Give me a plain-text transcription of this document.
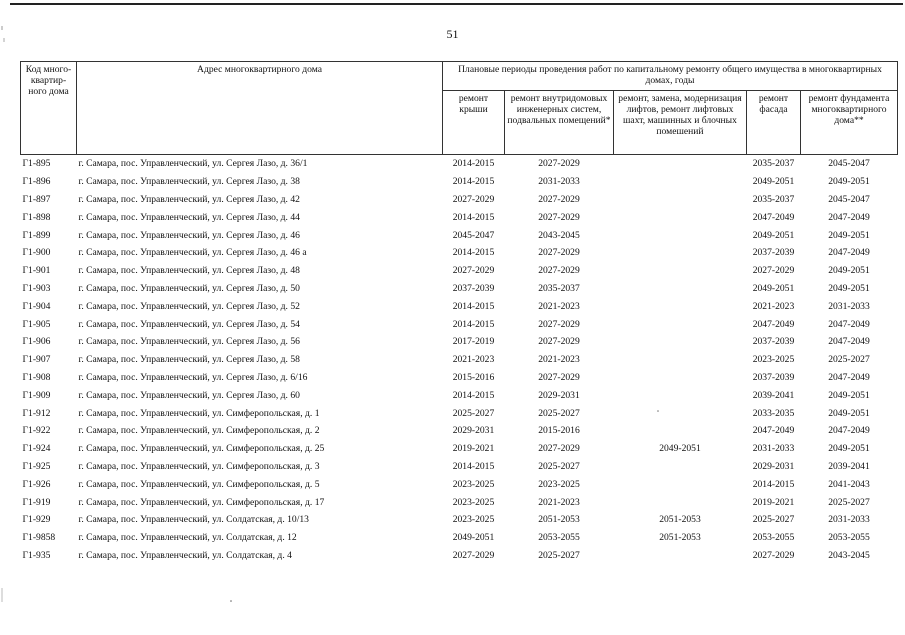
51
Код много-квартир-ного дома	Адрес многоквартирного дома	Плановые периоды проведения работ по капитальному ремонту общего имущества в многоквартирных домах, годы				
		ремонт крыши	ремонт внутридомовых инженерных систем, подвальных помещений*	ремонт, замена, модернизация лифтов, ремонт лифтовых шахт, машинных и блочных помешений	ремонт фасада	ремонт фундамента многоквартирного дома**
Г1-895	г. Самара, пос. Управленческий, ул. Сергея Лазо, д. 36/1	2014-2015	2027-2029		2035-2037	2045-2047
Г1-896	г. Самара, пос. Управленческий, ул. Сергея Лазо, д. 38	2014-2015	2031-2033		2049-2051	2049-2051
Г1-897	г. Самара, пос. Управленческий, ул. Сергея Лазо, д. 42	2027-2029	2027-2029		2035-2037	2045-2047
Г1-898	г. Самара, пос. Управленческий, ул. Сергея Лазо, д. 44	2014-2015	2027-2029		2047-2049	2047-2049
Г1-899	г. Самара, пос. Управленческий, ул. Сергея Лазо, д. 46	2045-2047	2043-2045		2049-2051	2049-2051
Г1-900	г. Самара, пос. Управленческий, ул. Сергея Лазо, д. 46 а	2014-2015	2027-2029		2037-2039	2047-2049
Г1-901	г. Самара, пос. Управленческий, ул. Сергея Лазо, д. 48	2027-2029	2027-2029		2027-2029	2049-2051
Г1-903	г. Самара, пос. Управленческий, ул. Сергея Лазо, д. 50	2037-2039	2035-2037		2049-2051	2049-2051
Г1-904	г. Самара, пос. Управленческий, ул. Сергея Лазо, д. 52	2014-2015	2021-2023		2021-2023	2031-2033
Г1-905	г. Самара, пос. Управленческий, ул. Сергея Лазо, д. 54	2014-2015	2027-2029		2047-2049	2047-2049
Г1-906	г. Самара, пос. Управленческий, ул. Сергея Лазо, д. 56	2017-2019	2027-2029		2037-2039	2047-2049
Г1-907	г. Самара, пос. Управленческий, ул. Сергея Лазо, д. 58	2021-2023	2021-2023		2023-2025	2025-2027
Г1-908	г. Самара, пос. Управленческий, ул. Сергея Лазо, д. 6/16	2015-2016	2027-2029		2037-2039	2047-2049
Г1-909	г. Самара, пос. Управленческий, ул. Сергея Лазо, д. 60	2014-2015	2029-2031		2039-2041	2049-2051
Г1-912	г. Самара, пос. Управленческий, ул. Симферопольская, д. 1	2025-2027	2025-2027		2033-2035	2049-2051
Г1-922	г. Самара, пос. Управленческий, ул. Симферопольская, д. 2	2029-2031	2015-2016		2047-2049	2047-2049
Г1-924	г. Самара, пос. Управленческий, ул. Симферопольская, д. 25	2019-2021	2027-2029	2049-2051	2031-2033	2049-2051
Г1-925	г. Самара, пос. Управленческий, ул. Симферопольская, д. 3	2014-2015	2025-2027		2029-2031	2039-2041
Г1-926	г. Самара, пос. Управленческий, ул. Симферопольская, д. 5	2023-2025	2023-2025		2014-2015	2041-2043
Г1-919	г. Самара, пос. Управленческий, ул. Симферопольская, д. 17	2023-2025	2021-2023		2019-2021	2025-2027
Г1-929	г. Самара, пос. Управленческий, ул. Солдатская, д. 10/13	2023-2025	2051-2053	2051-2053	2025-2027	2031-2033
Г1-9858	г. Самара, пос. Управленческий, ул. Солдатская, д. 12	2049-2051	2053-2055	2051-2053	2053-2055	2053-2055
Г1-935	г. Самара, пос. Управленческий, ул. Солдатская, д. 4	2027-2029	2025-2027		2027-2029	2043-2045
